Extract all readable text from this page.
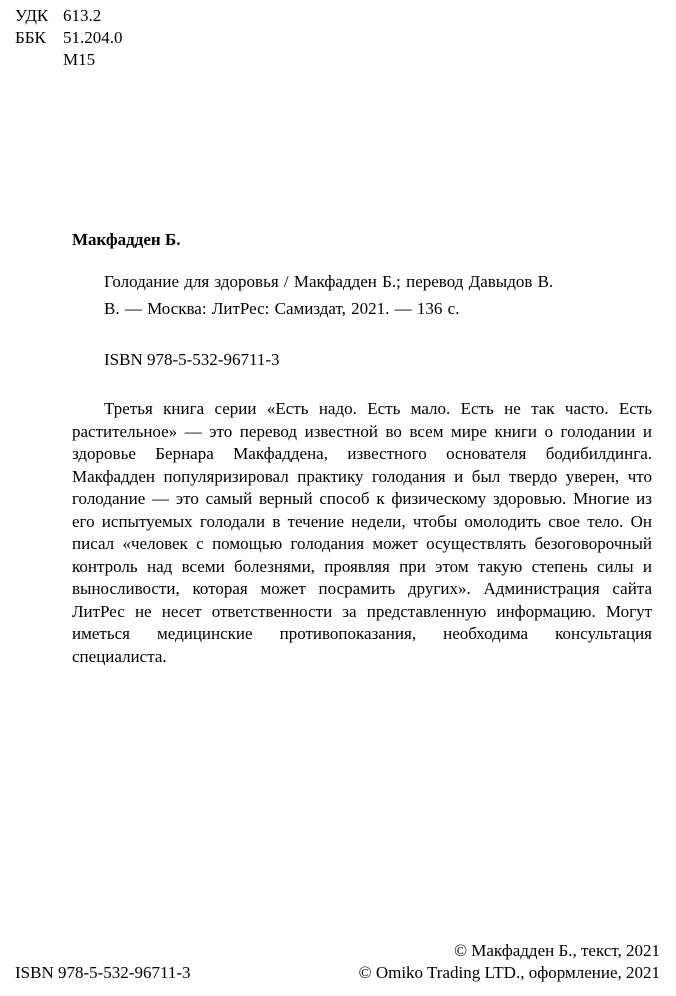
УДК 613.2
ББК	51.204.0
М15
Макфадден Б.
Голодание для здоровья / Макфадден Б.; перевод Давыдов В.
В. — Москва: ЛитРес: Самиздат, 2021. — 136 с.
ISBN 978-5-532-96711-3

Третья книга серии «Есть надо. Есть мало. Есть не так часто. Есть растительное» — это перевод известной во всем мире книги о голодании и здоровье Бернара Макфаддена, известного основателя бодибилдинга. Макфадден популяризировал практику голодания и был твердо уверен, что голодание — это самый верный способ к физическому здоровью. Многие из его испытуемых голодали в течение недели, чтобы омолодить свое тело. Он писал «человек с помощью голодания может осуществлять безоговорочный контроль над всеми болезнями, проявляя при этом такую степень силы и выносливости, которая может посрамить других». Администрация сайта ЛитРес не несет ответственности за представленную информацию. Могут иметься медицинские противопоказания, необходима консультация специалиста.

ISBN 978-5-532-96711-3
© Макфадден Б., текст, 2021
© Omiko Trading LTD., оформление, 2021
